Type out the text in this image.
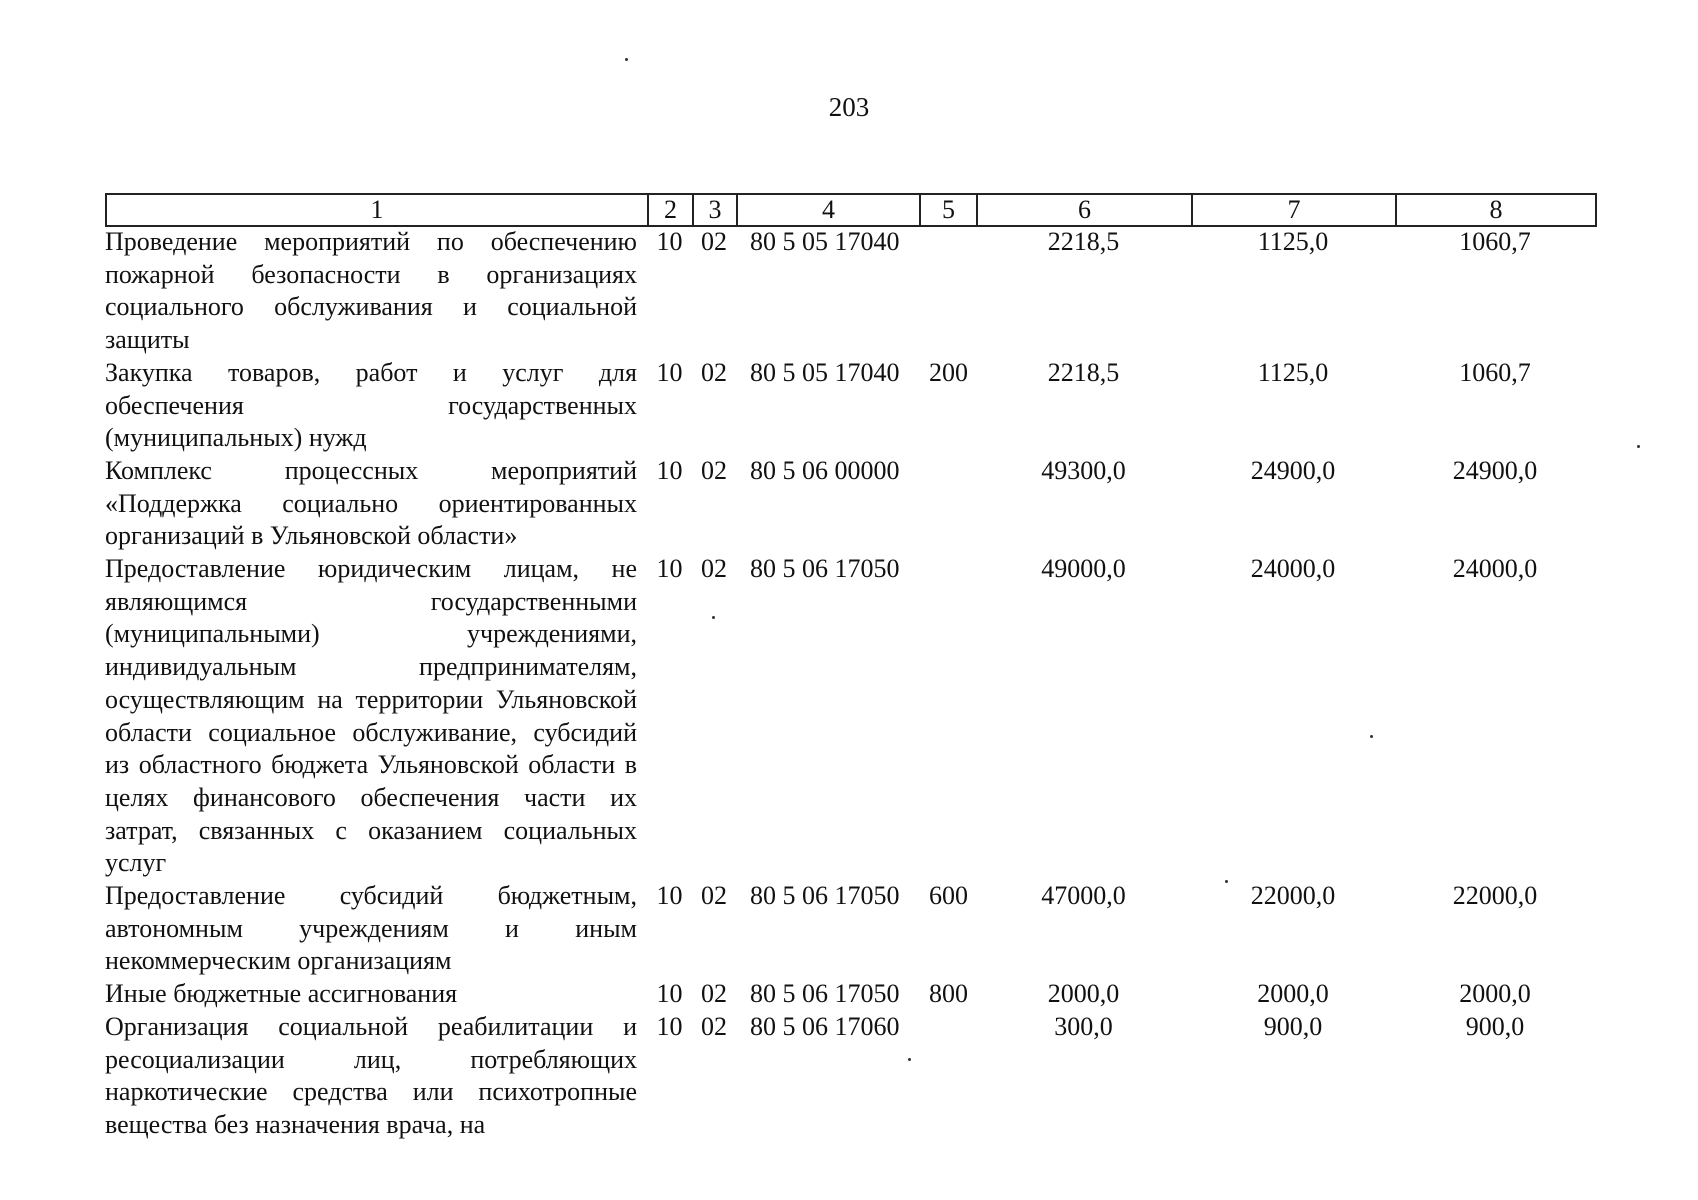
203
1	2	3	4	5	6	7	8
Проведение мероприятий по обеспечению пожарной безопасности в организациях социального обслуживания и социальной защиты	10	02	80 5 05 17040		2218,5	1125,0	1060,7
Закупка товаров, работ и услуг для обеспечения государственных (муниципальных) нужд	10	02	80 5 05 17040	200	2218,5	1125,0	1060,7
Комплекс процессных мероприятий «Поддержка социально ориентированных организаций в Ульяновской области»	10	02	80 5 06 00000		49300,0	24900,0	24900,0
Предоставление юридическим лицам, не являющимся государственными (муниципальными) учреждениями, индивидуальным предпринимателям, осуществляющим на территории Ульяновской области социальное обслуживание, субсидий из областного бюджета Ульяновской области в целях финансового обеспечения части их затрат, связанных с оказанием социальных услуг	10	02	80 5 06 17050		49000,0	24000,0	24000,0
Предоставление субсидий бюджетным, автономным учреждениям и иным некоммерческим организациям	10	02	80 5 06 17050	600	47000,0	22000,0	22000,0
Иные бюджетные ассигнования	10	02	80 5 06 17050	800	2000,0	2000,0	2000,0
Организация социальной реабилитации и ресоциализации лиц, потребляющих наркотические средства или психотропные вещества без назначения врача, на	10	02	80 5 06 17060		300,0	900,0	900,0
